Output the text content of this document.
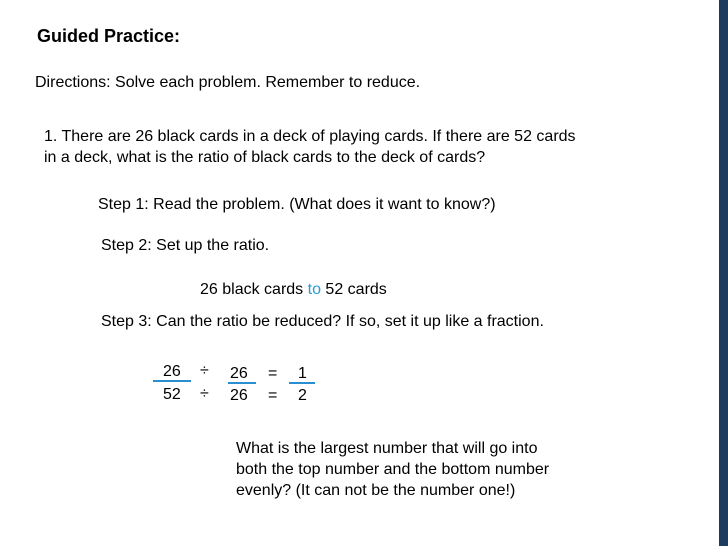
Guided Practice:
Directions: Solve each problem. Remember to reduce.
1. There are 26 black cards in a deck of playing cards. If there are 52 cards
in a deck, what is the ratio of black cards to the deck of cards?
Step 1: Read the problem. (What does it want to know?)
Step 2: Set up the ratio.
26 black cards to 52 cards
Step 3: Can the ratio be reduced? If so, set it up like a fraction.
26
52
÷
÷
26
26
=
=
1
2
What is the largest number that will go into
both the top number and the bottom number
evenly? (It can not be the number one!)
